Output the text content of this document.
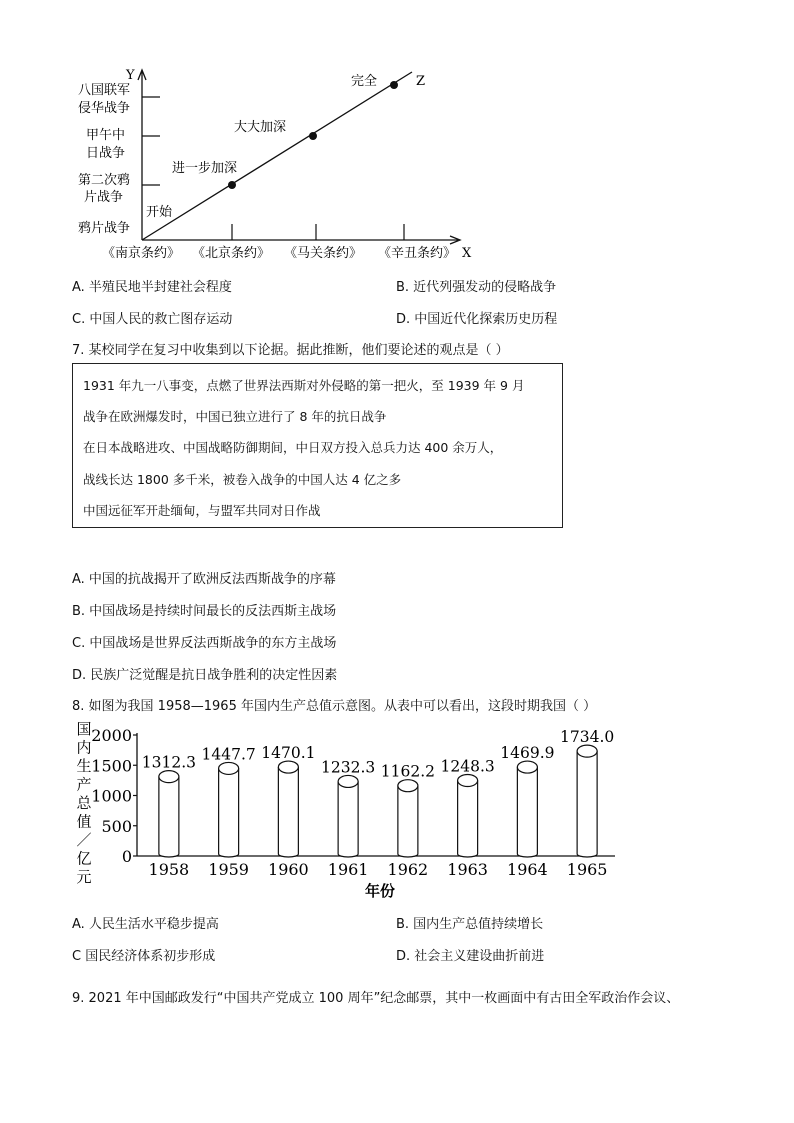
Y
X
Z
开始
进一步加深
大大加深
完全
鸦片战争
第二次鸦
片战争
甲午中
日战争
八国联军
侵华战争
《南京条约》 《北京条约》 《马关条约》 《辛丑条约》
A. 半殖民地半封建社会程度	B. 近代列强发动的侵略战争
C. 中国人民的救亡图存运动	D. 中国近代化探索历史历程
7. 某校同学在复习中收集到以下论据。据此推断，他们要论述的观点是（ ）
1931 年九一八事变，点燃了世界法西斯对外侵略的第一把火，至 1939 年 9 月
战争在欧洲爆发时，中国已独立进行了 8 年的抗日战争
在日本战略进攻、中国战略防御期间，中日双方投入总兵力达 400 余万人，
战线长达 1800 多千米，被卷入战争的中国人达 4 亿之多
中国远征军开赴缅甸，与盟军共同对日作战
A. 中国的抗战揭开了欧洲反法西斯战争的序幕
B. 中国战场是持续时间最长的反法西斯主战场
C. 中国战场是世界反法西斯战争的东方主战场
D. 民族广泛觉醒是抗日战争胜利的决定性因素
8. 如图为我国 1958—1965 年国内生产总值示意图。从表中可以看出，这段时期我国（ ）
国
内
生
产
总
值
／
亿
元
0
500
1000
1500
2000
1312.3
1958
1447.7
1959
1470.1
1960
1232.3
1961
1162.2
1962
1248.3
1963
1469.9
1964
1734.0
1965
年份
A. 人民生活水平稳步提高	B. 国内生产总值持续增长
C 国民经济体系初步形成	D. 社会主义建设曲折前进
9. 2021 年中国邮政发行“中国共产党成立 100 周年”纪念邮票，其中一枚画面中有古田全军政治作会议、
